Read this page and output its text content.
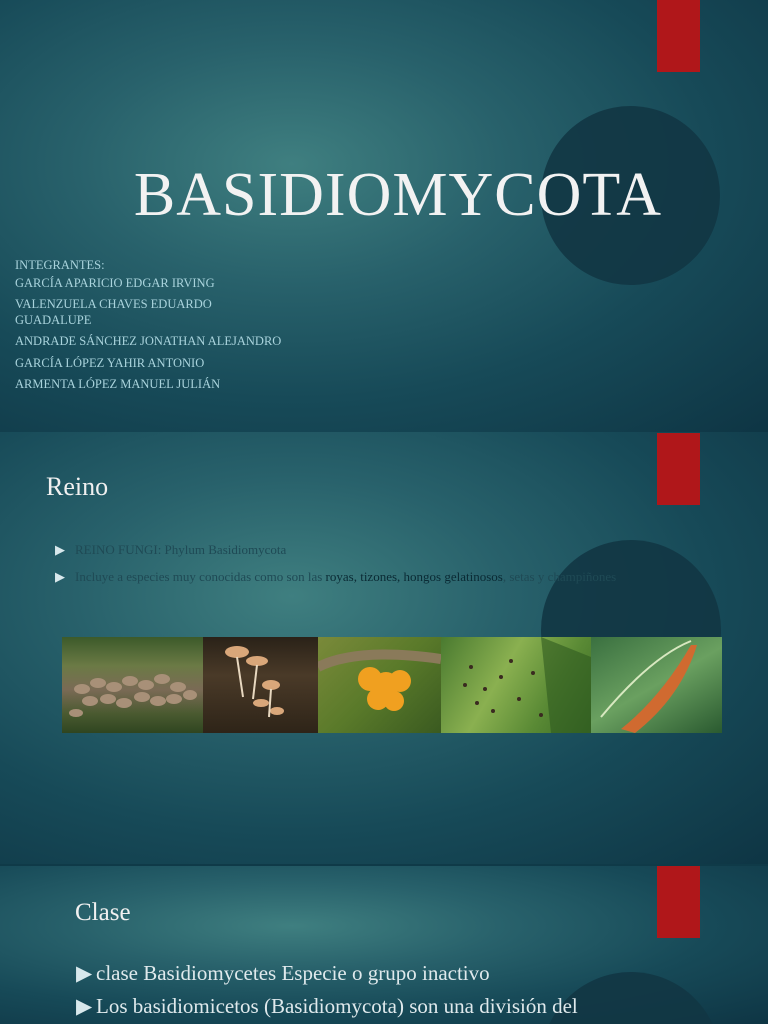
BASIDIOMYCOTA
INTEGRANTES:
GARCÍA APARICIO EDGAR IRVING
VALENZUELA CHAVES EDUARDO GUADALUPE
ANDRADE SÁNCHEZ JONATHAN ALEJANDRO
GARCÍA LÓPEZ YAHIR ANTONIO
ARMENTA LÓPEZ MANUEL JULIÁN
Reino
▶ REINO FUNGI: Phylum Basidiomycota
▶ Incluye a especies muy conocidas como son las royas, tizones, hongos gelatinosos, setas y champiñones
Clase
▶ clase Basidiomycetes Especie o grupo inactivo
▶ Los basidiomicetos (Basidiomycota) son una división del
